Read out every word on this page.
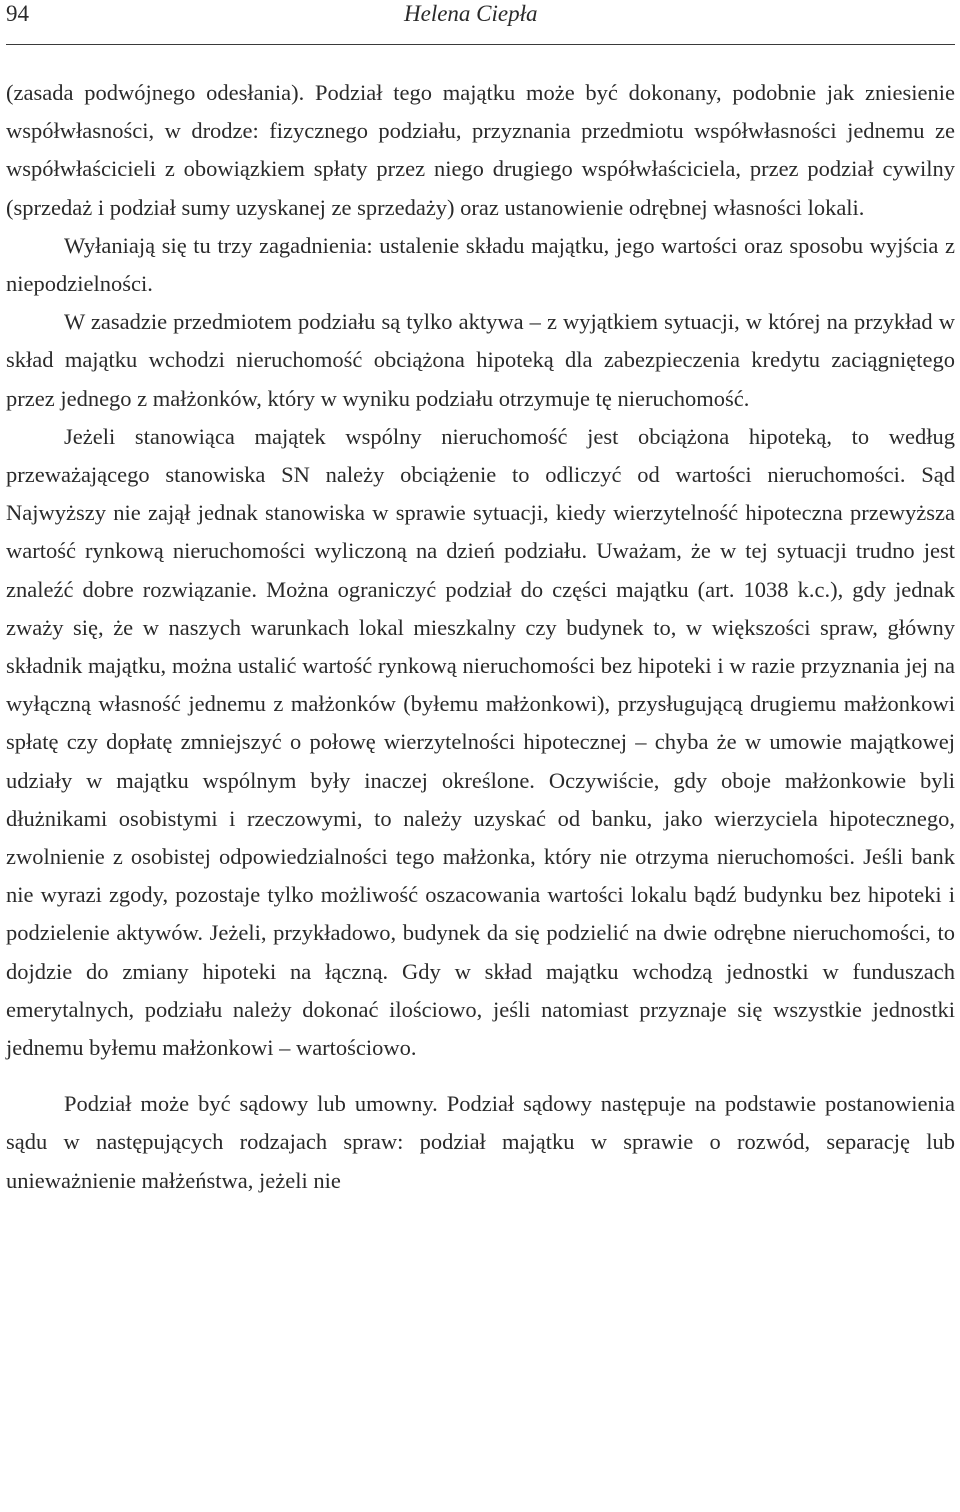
94	Helena Ciepła

(zasada podwójnego odesłania). Podział tego majątku może być dokonany, podobnie jak zniesienie współwłasności, w drodze: fizycznego podziału, przyznania przedmiotu współwłasności jednemu ze współwłaścicieli z obowiązkiem spłaty przez niego drugiego współwłaściciela, przez podział cywilny (sprzedaż i podział sumy uzyskanej ze sprzedaży) oraz ustanowienie odrębnej własności lokali.

Wyłaniają się tu trzy zagadnienia: ustalenie składu majątku, jego wartości oraz sposobu wyjścia z niepodzielności.

W zasadzie przedmiotem podziału są tylko aktywa – z wyjątkiem sytuacji, w której na przykład w skład majątku wchodzi nieruchomość obciążona hipoteką dla zabezpieczenia kredytu zaciągniętego przez jednego z małżonków, który w wyniku podziału otrzymuje tę nieruchomość.

Jeżeli stanowiąca majątek wspólny nieruchomość jest obciążona hipoteką, to według przeważającego stanowiska SN należy obciążenie to odliczyć od wartości nieruchomości. Sąd Najwyższy nie zajął jednak stanowiska w sprawie sytuacji, kiedy wierzytelność hipoteczna przewyższa wartość rynkową nieruchomości wyliczoną na dzień podziału. Uważam, że w tej sytuacji trudno jest znaleźć dobre rozwiązanie. Można ograniczyć podział do części majątku (art. 1038 k.c.), gdy jednak zważy się, że w naszych warunkach lokal mieszkalny czy budynek to, w większości spraw, główny składnik majątku, można ustalić wartość rynkową nieruchomości bez hipoteki i w razie przyznania jej na wyłączną własność jednemu z małżonków (byłemu małżonkowi), przysługującą drugiemu małżonkowi spłatę czy dopłatę zmniejszyć o połowę wierzytelności hipotecznej – chyba że w umowie majątkowej udziały w majątku wspólnym były inaczej określone. Oczywiście, gdy oboje małżonkowie byli dłużnikami osobistymi i rzeczowymi, to należy uzyskać od banku, jako wierzyciela hipotecznego, zwolnienie z osobistej odpowiedzialności tego małżonka, który nie otrzyma nieruchomości. Jeśli bank nie wyrazi zgody, pozostaje tylko możliwość oszacowania wartości lokalu bądź budynku bez hipoteki i podzielenie aktywów. Jeżeli, przykładowo, budynek da się podzielić na dwie odrębne nieruchomości, to dojdzie do zmiany hipoteki na łączną. Gdy w skład majątku wchodzą jednostki w funduszach emerytalnych, podziału należy dokonać ilościowo, jeśli natomiast przyznaje się wszystkie jednostki jednemu byłemu małżonkowi – wartościowo.

Podział może być sądowy lub umowny. Podział sądowy następuje na podstawie postanowienia sądu w następujących rodzajach spraw: podział majątku w sprawie o rozwód, separację lub unieważnienie małżeństwa, jeżeli nie
